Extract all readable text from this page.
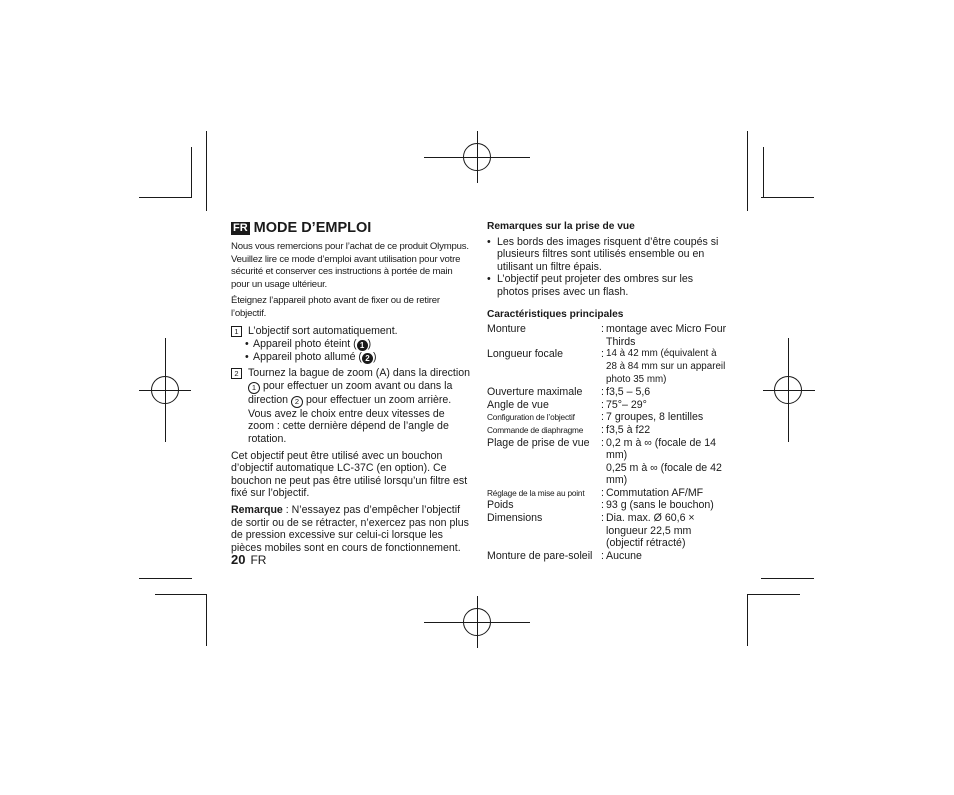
FR MODE D’EMPLOI

Nous vous remercions pour l’achat de ce produit Olympus. Veuillez lire ce mode d’emploi avant utilisation pour votre sécurité et conserver ces instructions à portée de main pour un usage ultérieur.

Éteignez l’appareil photo avant de fixer ou de retirer l’objectif.

1 L’objectif sort automatiquement.
• Appareil photo éteint ( 1 )
• Appareil photo allumé ( 2 )
2 Tournez la bague de zoom (A) dans la direction 1 pour effectuer un zoom avant ou dans la direction 2 pour effectuer un zoom arrière. Vous avez le choix entre deux vitesses de zoom : cette dernière dépend de l’angle de rotation.

Cet objectif peut être utilisé avec un bouchon d’objectif automatique LC-37C (en option). Ce bouchon ne peut pas être utilisé lorsqu’un filtre est fixé sur l’objectif.

Remarque : N’essayez pas d’empêcher l’objectif de sortir ou de se rétracter, n’exercez pas non plus de pression excessive sur celui-ci lorsque les pièces mobiles sont en cours de fonctionnement.

20 FR
Remarques sur la prise de vue
• Les bords des images risquent d’être coupés si plusieurs filtres sont utilisés ensemble ou en utilisant un filtre épais.
• L’objectif peut projeter des ombres sur les photos prises avec un flash.
Caractéristiques principales
Monture	: montage avec Micro Four Thirds
Longueur focale	: 14 à 42 mm (équivalent à 28 à 84 mm sur un appareil photo 35 mm)
Ouverture maximale	: f3,5 – 5,6
Angle de vue	: 75°– 29°
Configuration de l’objectif	: 7 groupes, 8 lentilles
Commande de diaphragme	: f3,5 à f22
Plage de prise de vue	: 0,2 m à ∞ (focale de 14 mm)
0,25 m à ∞ (focale de 42 mm)
Réglage de la mise au point	: Commutation AF/MF
Poids	: 93 g (sans le bouchon)
Dimensions	: Dia. max. Ø 60,6 × longueur 22,5 mm (objectif rétracté)
Monture de pare-soleil : Aucune
